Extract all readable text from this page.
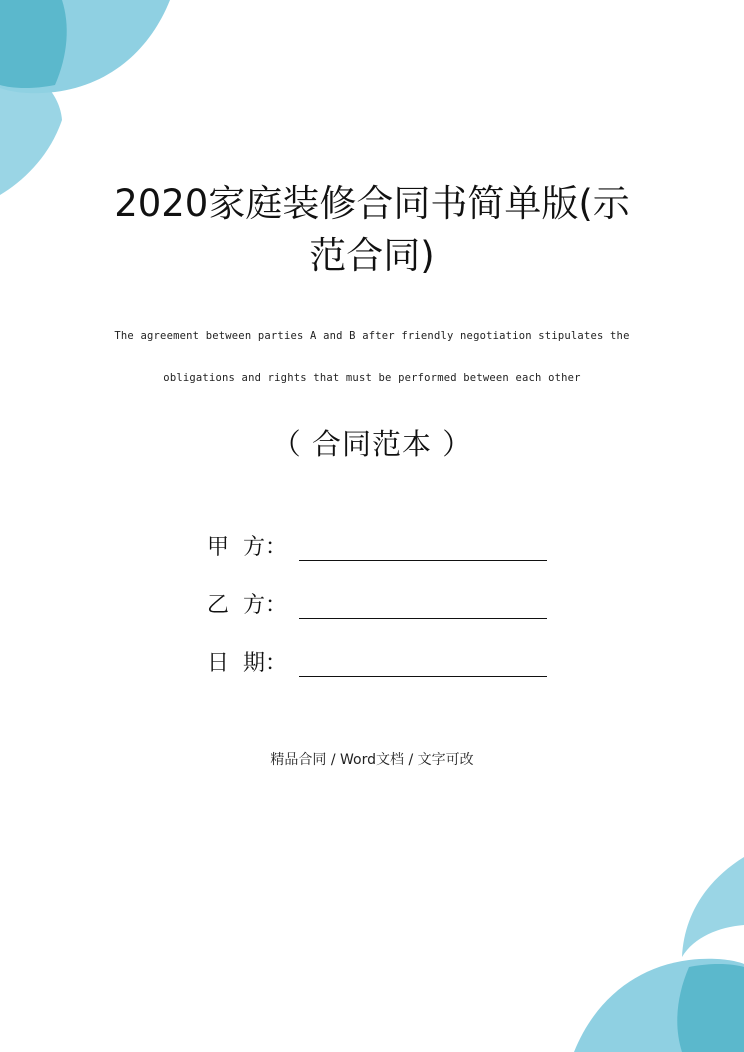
2020家庭装修合同书简单版(示
范合同)

The agreement between parties A and B after friendly negotiation stipulates the

obligations and rights that must be performed between each other

（ 合同范本 ）

甲  方：
乙  方：
日  期：

精品合同 / Word文档 / 文字可改
